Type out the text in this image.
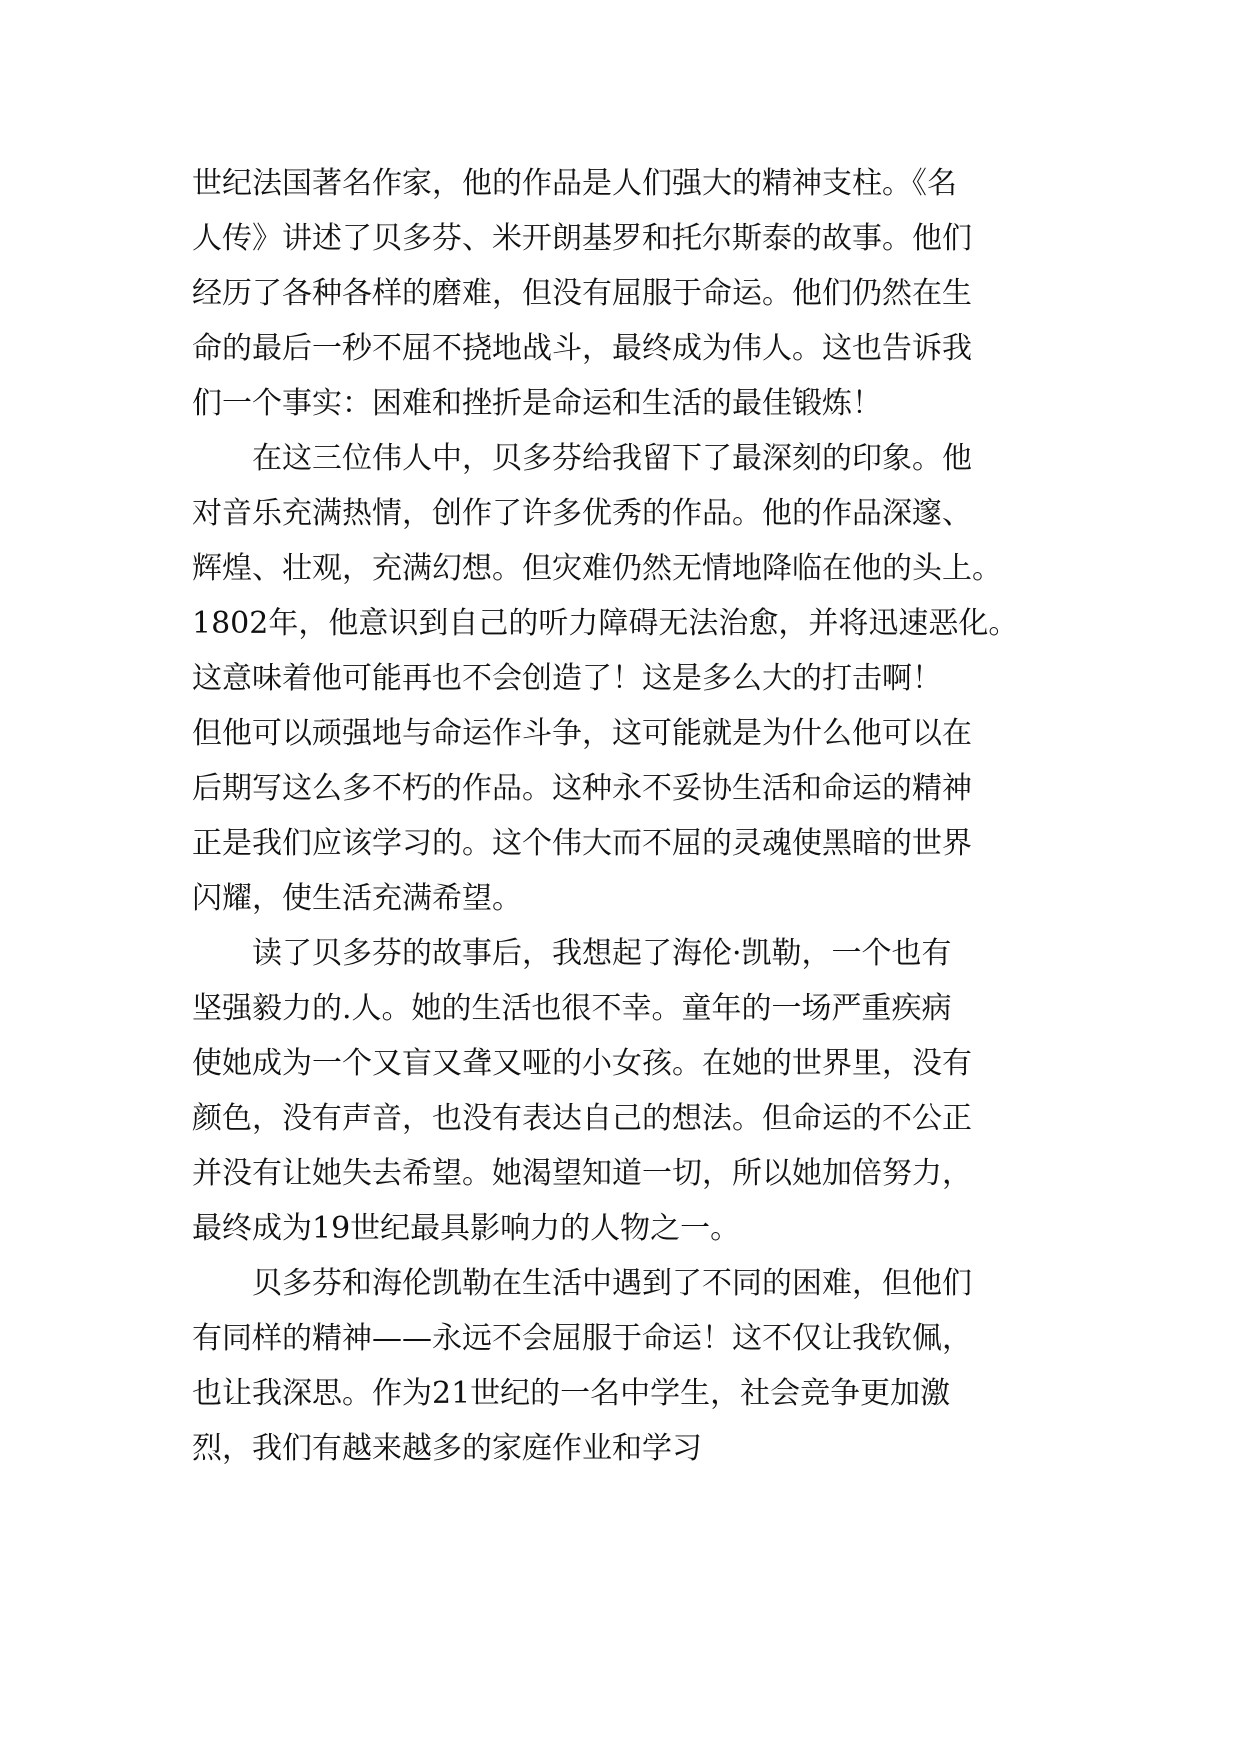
世纪法国著名作家，他的作品是人们强大的精神支柱。《名
人传》讲述了贝多芬、米开朗基罗和托尔斯泰的故事。他们
经历了各种各样的磨难，但没有屈服于命运。他们仍然在生
命的最后一秒不屈不挠地战斗，最终成为伟人。这也告诉我
们一个事实：困难和挫折是命运和生活的最佳锻炼！
　　在这三位伟人中，贝多芬给我留下了最深刻的印象。他
对音乐充满热情，创作了许多优秀的作品。他的作品深邃、
辉煌、壮观，充满幻想。但灾难仍然无情地降临在他的头上。
1802年，他意识到自己的听力障碍无法治愈，并将迅速恶化。
这意味着他可能再也不会创造了！这是多么大的打击啊！
但他可以顽强地与命运作斗争，这可能就是为什么他可以在
后期写这么多不朽的作品。这种永不妥协生活和命运的精神
正是我们应该学习的。这个伟大而不屈的灵魂使黑暗的世界
闪耀，使生活充满希望。
　　读了贝多芬的故事后，我想起了海伦·凯勒，一个也有
坚强毅力的.人。她的生活也很不幸。童年的一场严重疾病
使她成为一个又盲又聋又哑的小女孩。在她的世界里，没有
颜色，没有声音，也没有表达自己的想法。但命运的不公正
并没有让她失去希望。她渴望知道一切，所以她加倍努力，
最终成为19世纪最具影响力的人物之一。
　　贝多芬和海伦凯勒在生活中遇到了不同的困难，但他们
有同样的精神——永远不会屈服于命运！这不仅让我钦佩，
也让我深思。作为21世纪的一名中学生，社会竞争更加激
烈，我们有越来越多的家庭作业和学习
